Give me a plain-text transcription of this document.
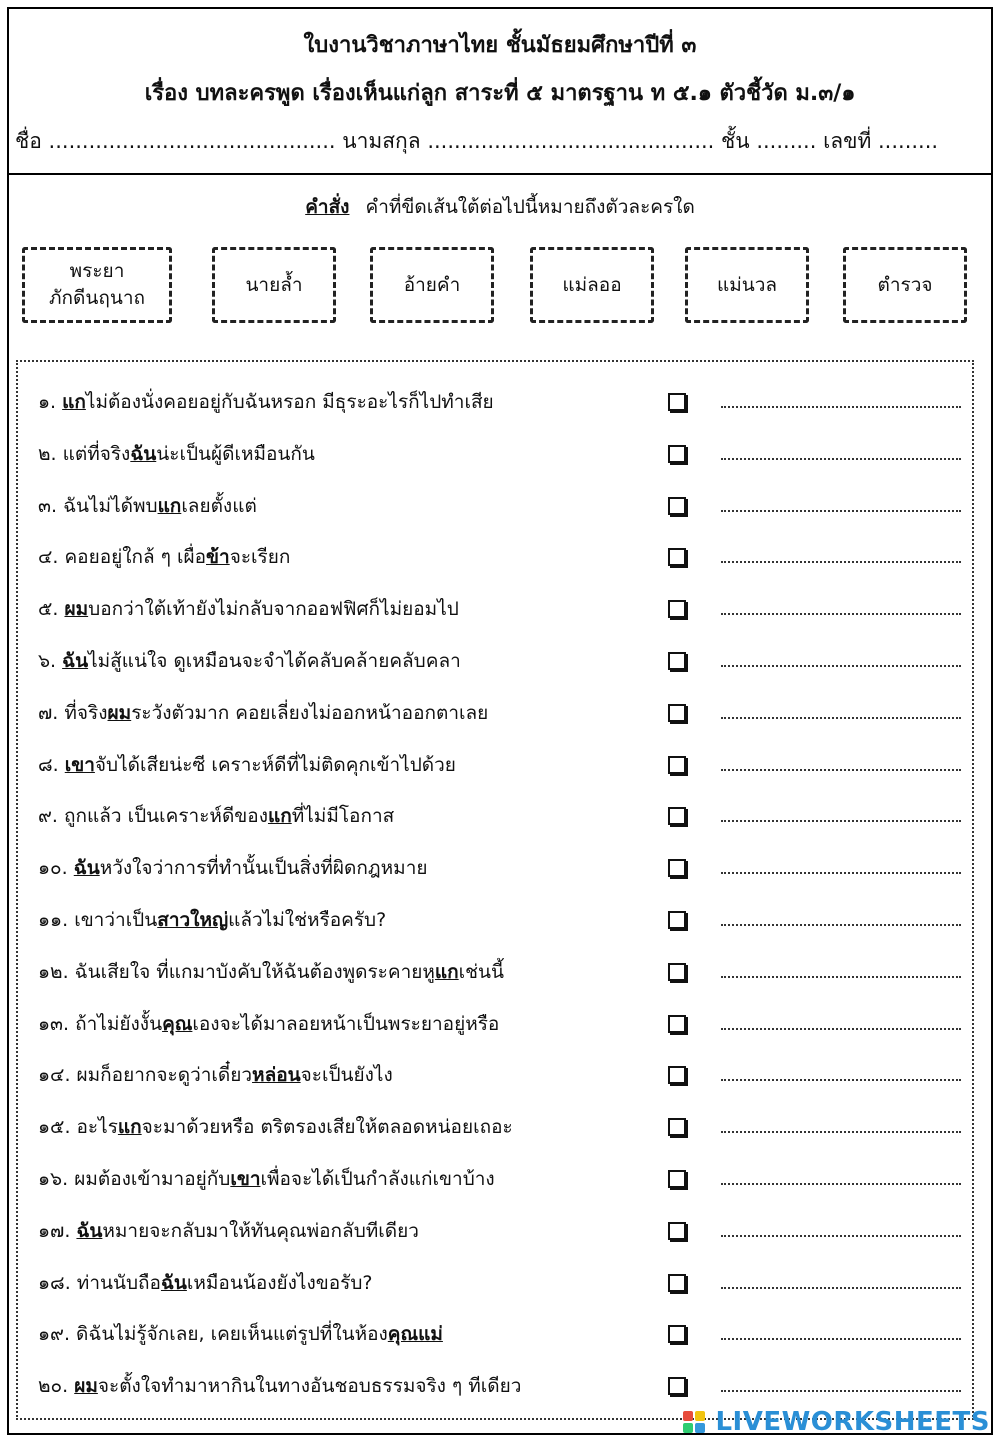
ใบงานวิชาภาษาไทย ชั้นมัธยมศึกษาปีที่ ๓
เรื่อง บทละครพูด เรื่องเห็นแก่ลูก สาระที่ ๕ มาตรฐาน ท ๕.๑ ตัวชี้วัด ม.๓/๑
ชื่อ ........................................... นามสกุล ........................................... ชั้น ......... เลขที่ .........
คำสั่ง คำที่ขีดเส้นใต้ต่อไปนี้หมายถึงตัวละครใด
พระยา
ภักดีนฤนาถ
นายล้ำ	อ้ายคำ	แม่ลออ	แม่นวล	ตำรวจ
๑. แกไม่ต้องนั่งคอยอยู่กับฉันหรอก มีธุระอะไรก็ไปทำเสีย
๒. แต่ที่จริงฉันน่ะเป็นผู้ดีเหมือนกัน
๓. ฉันไม่ได้พบแกเลยตั้งแต่
๔. คอยอยู่ใกล้ ๆ เผื่อข้าจะเรียก
๕. ผมบอกว่าใต้เท้ายังไม่กลับจากออฟฟิศก็ไม่ยอมไป
๖. ฉันไม่สู้แน่ใจ ดูเหมือนจะจำได้คลับคล้ายคลับคลา
๗. ที่จริงผมระวังตัวมาก คอยเลี่ยงไม่ออกหน้าออกตาเลย
๘. เขาจับได้เสียน่ะซี เคราะห์ดีที่ไม่ติดคุกเข้าไปด้วย
๙. ถูกแล้ว เป็นเคราะห์ดีของแกที่ไม่มีโอกาส
๑๐. ฉันหวังใจว่าการที่ทำนั้นเป็นสิ่งที่ผิดกฎหมาย
๑๑. เขาว่าเป็นสาวใหญ่แล้วไม่ใช่หรือครับ?
๑๒. ฉันเสียใจ ที่แกมาบังคับให้ฉันต้องพูดระคายหูแกเช่นนี้
๑๓. ถ้าไม่ยังงั้นคุณเองจะได้มาลอยหน้าเป็นพระยาอยู่หรือ
๑๔. ผมก็อยากจะดูว่าเดี๋ยวหล่อนจะเป็นยังไง
๑๕. อะไรแกจะมาด้วยหรือ ตริตรองเสียให้ตลอดหน่อยเถอะ
๑๖. ผมต้องเข้ามาอยู่กับเขาเพื่อจะได้เป็นกำลังแก่เขาบ้าง
๑๗. ฉันหมายจะกลับมาให้ทันคุณพ่อกลับทีเดียว
๑๘. ท่านนับถือฉันเหมือนน้องยังไงขอรับ?
๑๙. ดิฉันไม่รู้จักเลย, เคยเห็นแต่รูปที่ในห้องคุณแม่
๒๐. ผมจะตั้งใจทำมาหากินในทางอันชอบธรรมจริง ๆ ทีเดียว
LIVEWORKSHEETS
